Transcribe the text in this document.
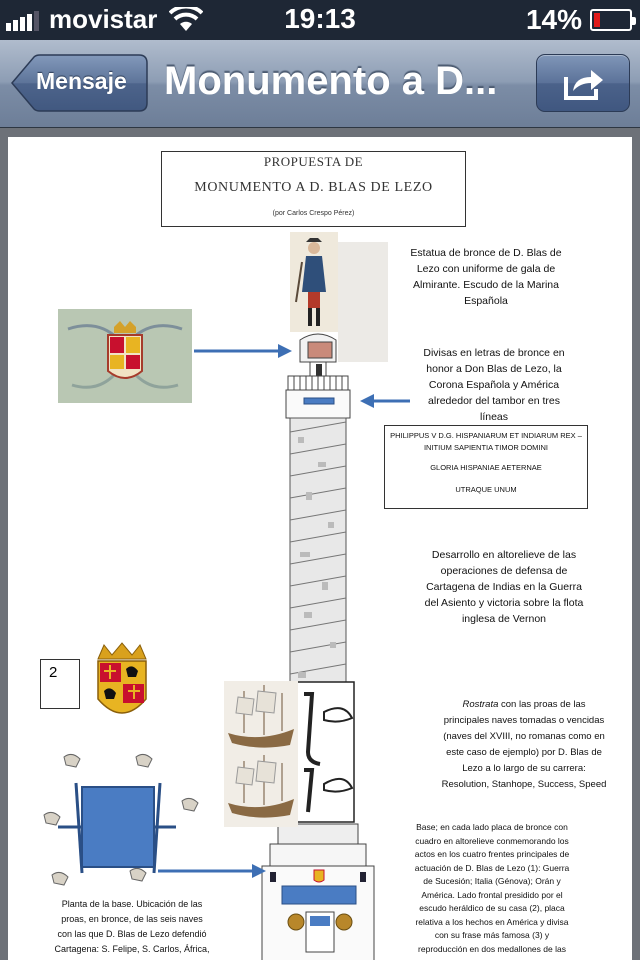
movistar	19:13	14%
Mensaje Monumento a D...
PROPUESTA DE
MONUMENTO A D. BLAS DE LEZO
(por Carlos Crespo Pérez)
Estatua de bronce de D. Blas de
Lezo con uniforme de gala de
Almirante. Escudo de la Marina
Española
Divisas en letras de bronce en
honor a Don Blas de Lezo, la
Corona Española y América
alrededor del tambor en tres
líneas
PHILIPPUS V D.G. HISPANIARUM ET INDIARUM REX –
INITIUM SAPIENTIA TIMOR DOMINI
GLORIA HISPANIAE AETERNAE
UTRAQUE UNUM
Desarrollo en altorelieve de las
operaciones de defensa de
Cartagena de Indias en la Guerra
del Asiento y victoria sobre la flota
inglesa de Vernon
2
Rostrata con las proas de las
principales naves tomadas o vencidas
(naves del XVIII, no romanas como en
este caso de ejemplo) por D. Blas de
Lezo a lo largo de su carrera:
Resolution, Stanhope, Success, Speed
Base; en cada lado placa de bronce con
cuadro en altorelieve conmemorando los
actos en los cuatro frentes principales de
actuación de D. Blas de Lezo (1): Guerra
de Sucesión; Italia (Génova); Orán y
América. Lado frontal presidido por el
escudo heráldico de su casa (2), placa
relativa a los hechos en América y divisa
con su frase más famosa (3) y
reproducción en dos medallones de las
Planta de la base. Ubicación de las
proas, en bronce, de las seis naves
con las que D. Blas de Lezo defendió
Cartagena: S. Felipe, S. Carlos, África,
